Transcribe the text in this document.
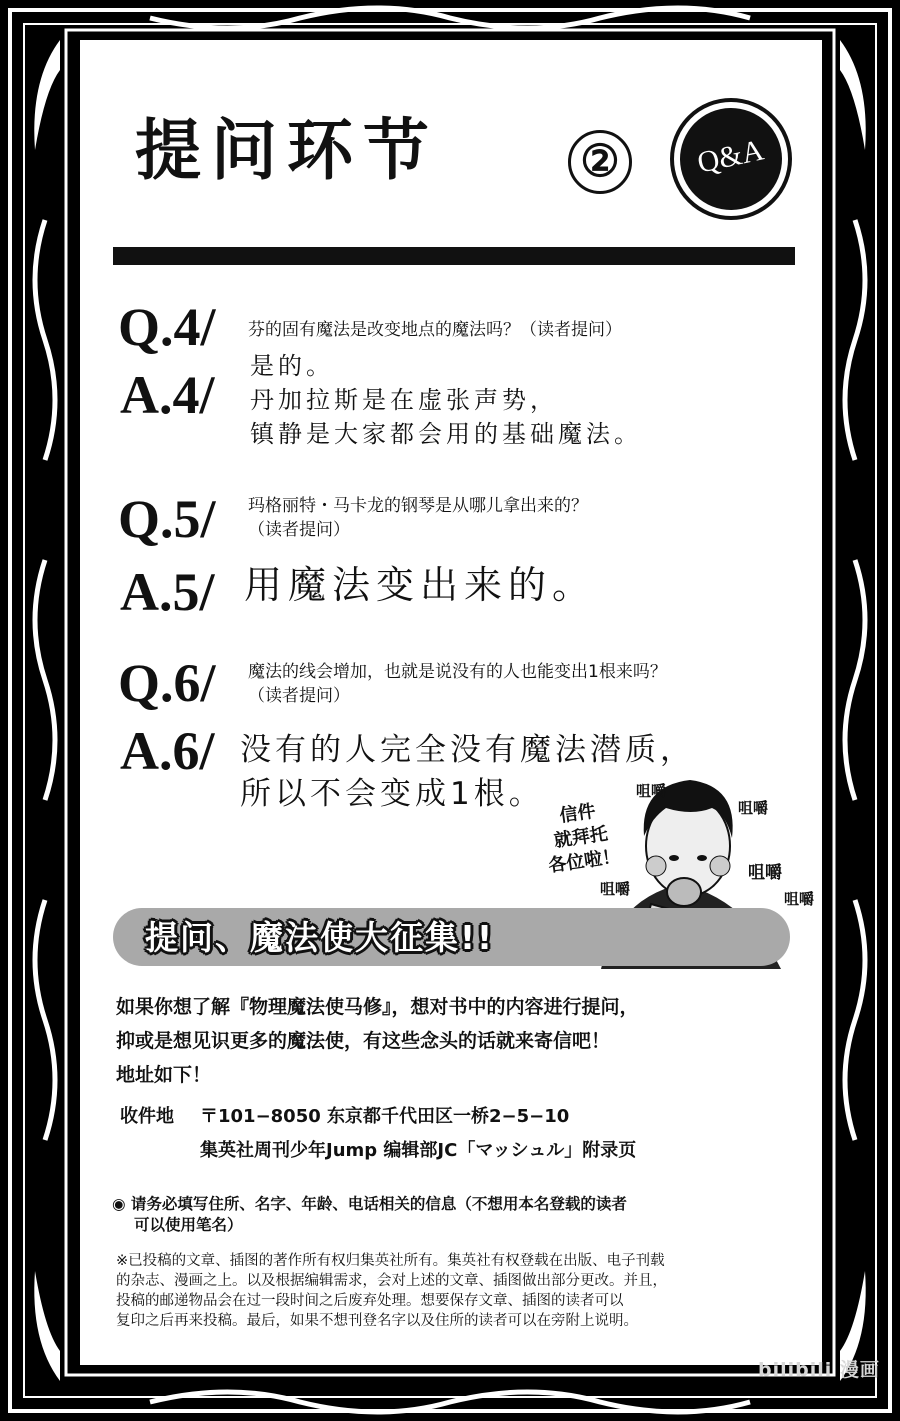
提问环节	②	Q&A
Q.4/ 芬的固有魔法是改变地点的魔法吗？（读者提问）
A.4/ 是的。
丹加拉斯是在虚张声势，
镇静是大家都会用的基础魔法。
Q.5/ 玛格丽特・马卡龙的钢琴是从哪儿拿出来的？
（读者提问）
A.5/ 用魔法变出来的。
Q.6/ 魔法的线会增加，也就是说没有的人也能变出1根来吗？
（读者提问）
A.6/ 没有的人完全没有魔法潜质，
所以不会变成1根。	咀嚼
咀嚼
咀嚼
咀嚼
咀嚼
信件
就拜托
各位啦！
提问、魔法使大征集!!
如果你想了解『物理魔法使马修』，想对书中的内容进行提问，
抑或是想见识更多的魔法使，有这些念头的话就来寄信吧！
地址如下！
收件地 〒101−8050 东京都千代田区一桥2−5−10
集英社周刊少年Jump 编辑部JC「マッシュル」附录页
◉ 请务必填写住所、名字、年龄、电话相关的信息（不想用本名登载的读者
可以使用笔名）
※已投稿的文章、插图的著作所有权归集英社所有。集英社有权登载在出版、电子刊载
的杂志、漫画之上。以及根据编辑需求，会对上述的文章、插图做出部分更改。并且，
投稿的邮递物品会在过一段时间之后废弃处理。想要保存文章、插图的读者可以
复印之后再来投稿。最后，如果不想刊登名字以及住所的读者可以在旁附上说明。
bilibili 漫画
